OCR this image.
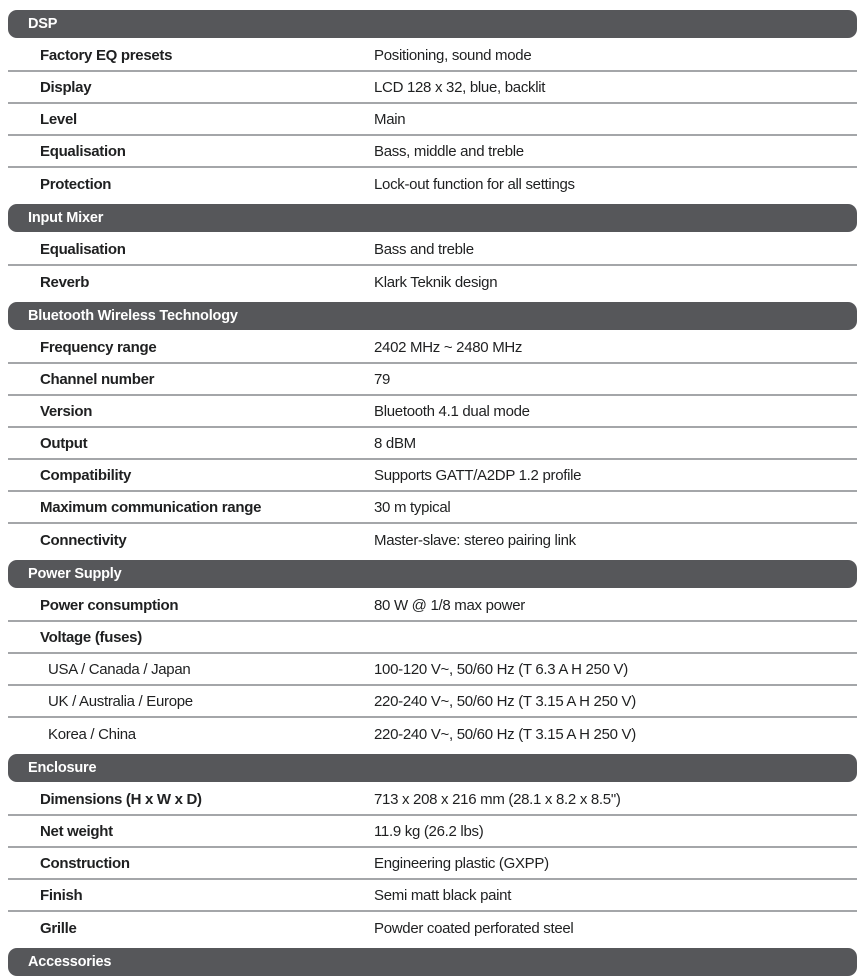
DSP
Factory EQ presets	Positioning, sound mode
Display	LCD 128 x 32, blue, backlit
Level	Main
Equalisation	Bass, middle and treble
Protection	Lock-out function for all settings
Input Mixer
Equalisation	Bass and treble
Reverb	Klark Teknik design
Bluetooth Wireless Technology
Frequency range	2402 MHz ~ 2480 MHz
Channel number	79
Version	Bluetooth 4.1 dual mode
Output	8 dBM
Compatibility	Supports GATT/A2DP 1.2 profile
Maximum communication range	30 m typical
Connectivity	Master-slave: stereo pairing link
Power Supply
Power consumption	80 W @ 1/8 max power
Voltage (fuses)
USA / Canada / Japan	100-120 V~, 50/60 Hz (T 6.3 A H 250 V)
UK / Australia / Europe	220-240 V~, 50/60 Hz (T 3.15 A H 250 V)
Korea / China	220-240 V~, 50/60 Hz (T 3.15 A H 250 V)
Enclosure
Dimensions (H x W x D)	713 x 208 x 216 mm (28.1 x 8.2 x 8.5")
Net weight	11.9 kg (26.2 lbs)
Construction	Engineering plastic (GXPP)
Finish	Semi matt black paint
Grille	Powder coated perforated steel
Accessories
